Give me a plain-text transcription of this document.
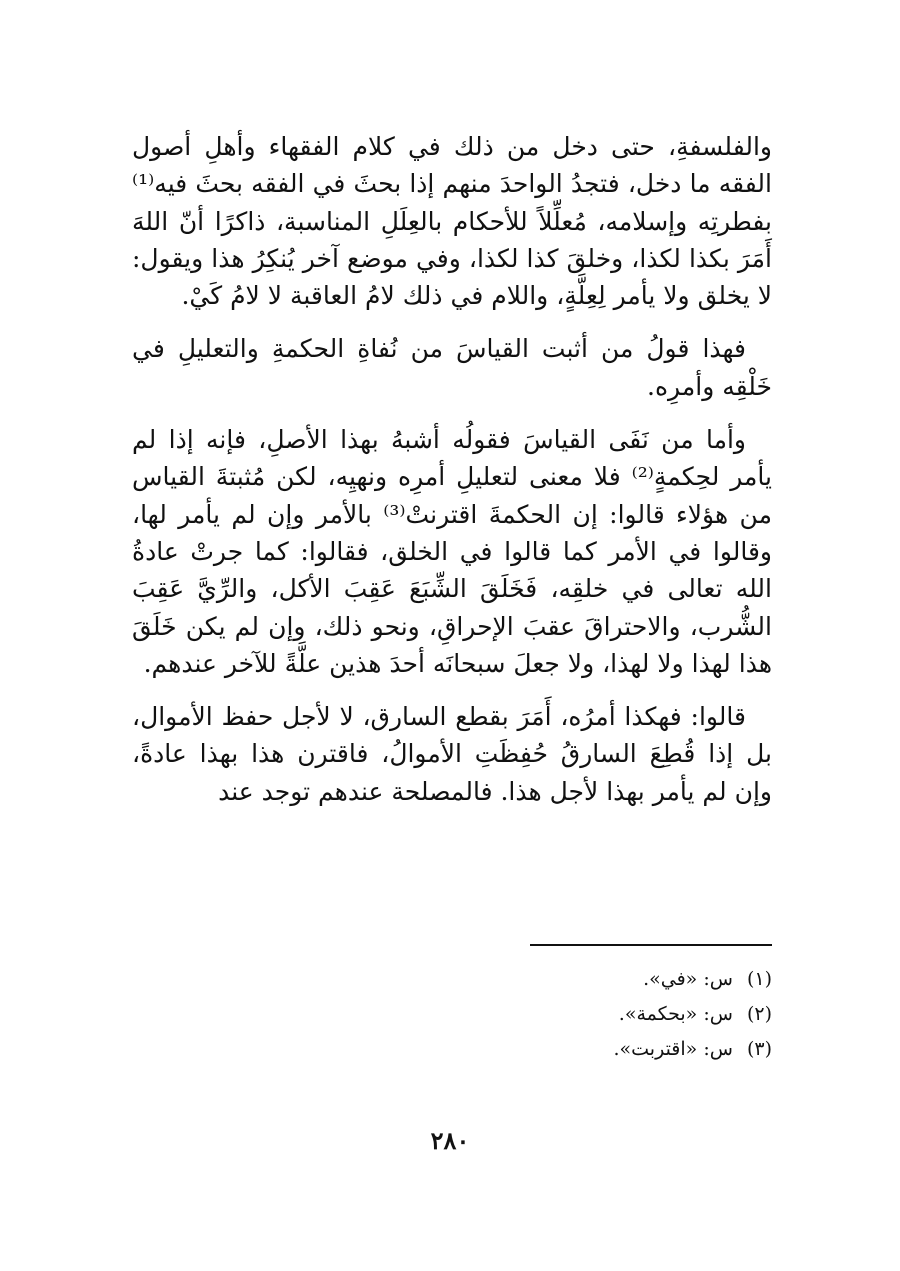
والفلسفةِ، حتى دخل من ذلك في كلام الفقهاء وأهلِ أصول الفقه ما دخل، فتجدُ الواحدَ منهم إذا بحثَ في الفقه بحثَ فيه⁽¹⁾ بفطرتِه وإسلامه، مُعلِّلاً للأحكام بالعِلَلِ المناسبة، ذاكرًا أنّ اللهَ أَمَرَ بكذا لكذا، وخلقَ كذا لكذا، وفي موضع آخر يُنكِرُ هذا ويقول: لا يخلق ولا يأمر لِعِلَّةٍ، واللام في ذلك لامُ العاقبة لا لامُ كَيْ.

فهذا قولُ من أثبت القياسَ من نُفاةِ الحكمةِ والتعليلِ في خَلْقِه وأمرِه.

وأما من نَفَى القياسَ فقولُه أشبهُ بهذا الأصلِ، فإنه إذا لم يأمر لحِكمةٍ⁽²⁾ فلا معنى لتعليلِ أمرِه ونهيِه، لكن مُثبتةَ القياس من هؤلاء قالوا: إن الحكمةَ اقترنتْ⁽³⁾ بالأمر وإن لم يأمر لها، وقالوا في الأمر كما قالوا في الخلق، فقالوا: كما جرتْ عادةُ الله تعالى في خلقِه، فَخَلَقَ الشِّبَعَ عَقِبَ الأكل، والرِّيَّ عَقِبَ الشُّرب، والاحتراقَ عقبَ الإحراقِ، ونحو ذلك، وإن لم يكن خَلَقَ هذا لهذا ولا لهذا، ولا جعلَ سبحانَه أحدَ هذين علَّةً للآخر عندهم.

قالوا: فهكذا أمرُه، أَمَرَ بقطع السارق، لا لأجل حفظ الأموال، بل إذا قُطِعَ السارقُ حُفِظَتِ الأموالُ، فاقترن هذا بهذا عادةً، وإن لم يأمر بهذا لأجل هذا. فالمصلحة عندهم توجد عند

(١)
س: «في».
(٢)
س: «بحكمة».
(٣)
س: «اقتربت».
٢٨٠
